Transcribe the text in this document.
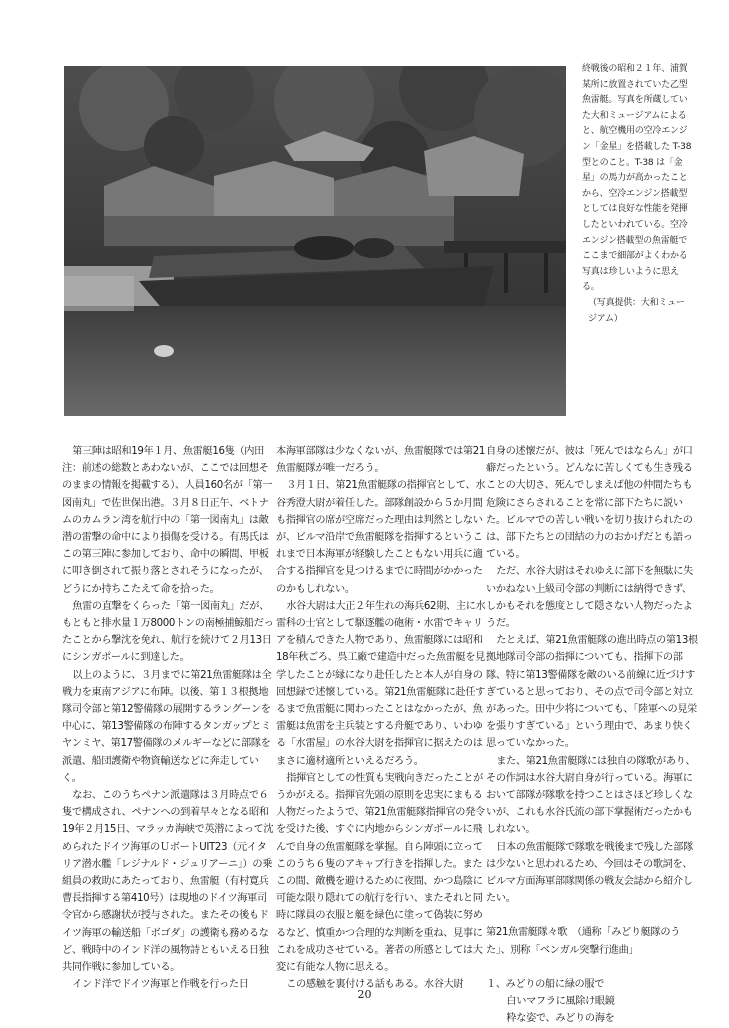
終戦後の昭和２１年、浦賀某所に放置されていた乙型魚雷艇。写真を所蔵していた大和ミュージアムによると、航空機用の空冷エンジン「金星」を搭載した T-38 型とのこと。T-38 は「金星」の馬力が高かったことから、空冷エンジン搭載型としては良好な性能を発揮したといわれている。空冷エンジン搭載型の魚雷艇でここまで細部がよくわかる写真は珍しいように思える。

（写真提供：大和ミュージアム）

第三陣は昭和19年１月、魚雷艇16隻（内田注：前述の総数とあわないが、ここでは回想そのままの情報を掲載する）、人員160名が「第一図南丸」で佐世保出港。３月８日正午、ベトナムのカムラン湾を航行中の「第一図南丸」は敵潜の雷撃の命中により損傷を受ける。有馬氏はこの第三陣に参加しており、命中の瞬間、甲板に叩き倒されて振り落とされそうになったが、どうにか持ちこたえて命を拾った。

魚雷の直撃をくらった「第一図南丸」だが、もともと排水量１万8000トンの南極捕鯨船だったことから撃沈を免れ、航行を続けて２月13日にシンガポールに到達した。

以上のように、３月までに第21魚雷艇隊は全戦力を東南アジアに布陣。以後、第１３根拠地隊司令部と第12警備隊の展開するラングーンを中心に、第13警備隊の布陣するタンガップとミヤンミヤ、第17警備隊のメルギーなどに部隊を派遣、船団護衛や物資輸送などに奔走していく。

なお、このうちペナン派遣隊は３月時点で６隻で構成され、ペナンへの到着早々となる昭和19年２月15日、マラッカ海峡で英潜によって沈められたドイツ海軍のＵボートUIT23（元イタリア潜水艦「レジナルド・ジュリアーニ」）の乗組員の救助にあたっており、魚雷艇（有村寛兵曹長指揮する第410号）は現地のドイツ海軍司令官から感謝状が授与された。またその後もドイツ海軍の輸送船「ボゴダ」の護衛も務めるなど、戦時中のインド洋の風物詩ともいえる日独共同作戦に参加している。

インド洋でドイツ海軍と作戦を行った日

本海軍部隊は少なくないが、魚雷艇隊では第21魚雷艇隊が唯一だろう。

３月１日、第21魚雷艇隊の指揮官として、水谷秀澄大尉が着任した。部隊創設から５か月間も指揮官の席が空席だった理由は判然としないが、ビルマ沿岸で魚雷艇隊を指揮するというこれまで日本海軍が経験したこともない用兵に適合する指揮官を見つけるまでに時間がかかったのかもしれない。

水谷大尉は大正２年生れの海兵62期、主に水雷科の士官として駆逐艦の砲術・水雷でキャリアを積んできた人物であり、魚雷艇隊には昭和18年秋ごろ、呉工廠で建造中だった魚雷艇を見学したことが縁になり赴任したと本人が自身の回想録で述懐している。第21魚雷艇隊に赴任するまで魚雷艇に関わったことはなかったが、魚雷艇は魚雷を主兵装とする舟艇であり、いわゆる「水雷屋」の水谷大尉を指揮官に据えたのはまさに適材適所といえるだろう。

指揮官としての性質も実戦向きだったことがうかがえる。指揮官先頭の原則を忠実にまもる人物だったようで、第21魚雷艇隊指揮官の発令を受けた後、すぐに内地からシンガポールに飛んで自身の魚雷艇隊を掌握。自ら陣頭に立ってこのうち６隻のアキャブ行きを指揮した。またこの間、敵機を避けるために夜間、かつ島陰に可能な限り隠れての航行を行い、またそれと同時に隊員の衣服と艇を緑色に塗って偽装に努めるなど、慎重かつ合理的な判断を重ね、見事にこれを成功させている。著者の所感としては大変に有能な人物に思える。

この感触を裏付ける話もある。水谷大尉

自身の述懐だが、彼は「死んではならん」が口癖だったという。どんなに苦しくても生き残ることの大切さ、死んでしまえば他の仲間たちも危険にさらされることを常に部下たちに説いた。ビルマでの苦しい戦いを切り抜けられたのは、部下たちとの団結の力のおかげだとも語っている。

ただ、水谷大尉はそれゆえに部下を無駄に失いかねない上級司令部の判断には納得できず、しかもそれを態度として隠さない人物だったようだ。

たとえば、第21魚雷艇隊の進出時点の第13根拠地隊司令部の指揮についても、指揮下の部隊、特に第13警備隊を敵のいる前線に近づけすぎていると思っており、その点で司令部と対立があった。田中少将についても、「陸軍への見栄を張りすぎている」という理由で、あまり快く思っていなかった。

また、第21魚雷艇隊には独自の隊歌があり、その作詞は水谷大尉自身が行っている。海軍において部隊が隊歌を持つことはさほど珍しくないが、これも水谷氏流の部下掌握術だったかもしれない。

日本の魚雷艇隊で隊歌を戦後まで残した部隊は少ないと思われるため、今回はその歌詞を、ビルマ方面海軍部隊関係の戦友会誌から紹介したい。

第21魚雷艇隊々歌　（通称「みどり艇隊のうた」、別称「ベンガル突撃行進曲」

１、みどりの船に緑の服で

白いマフラに風除け眼鏡

粋な姿で、みどりの海を

20
